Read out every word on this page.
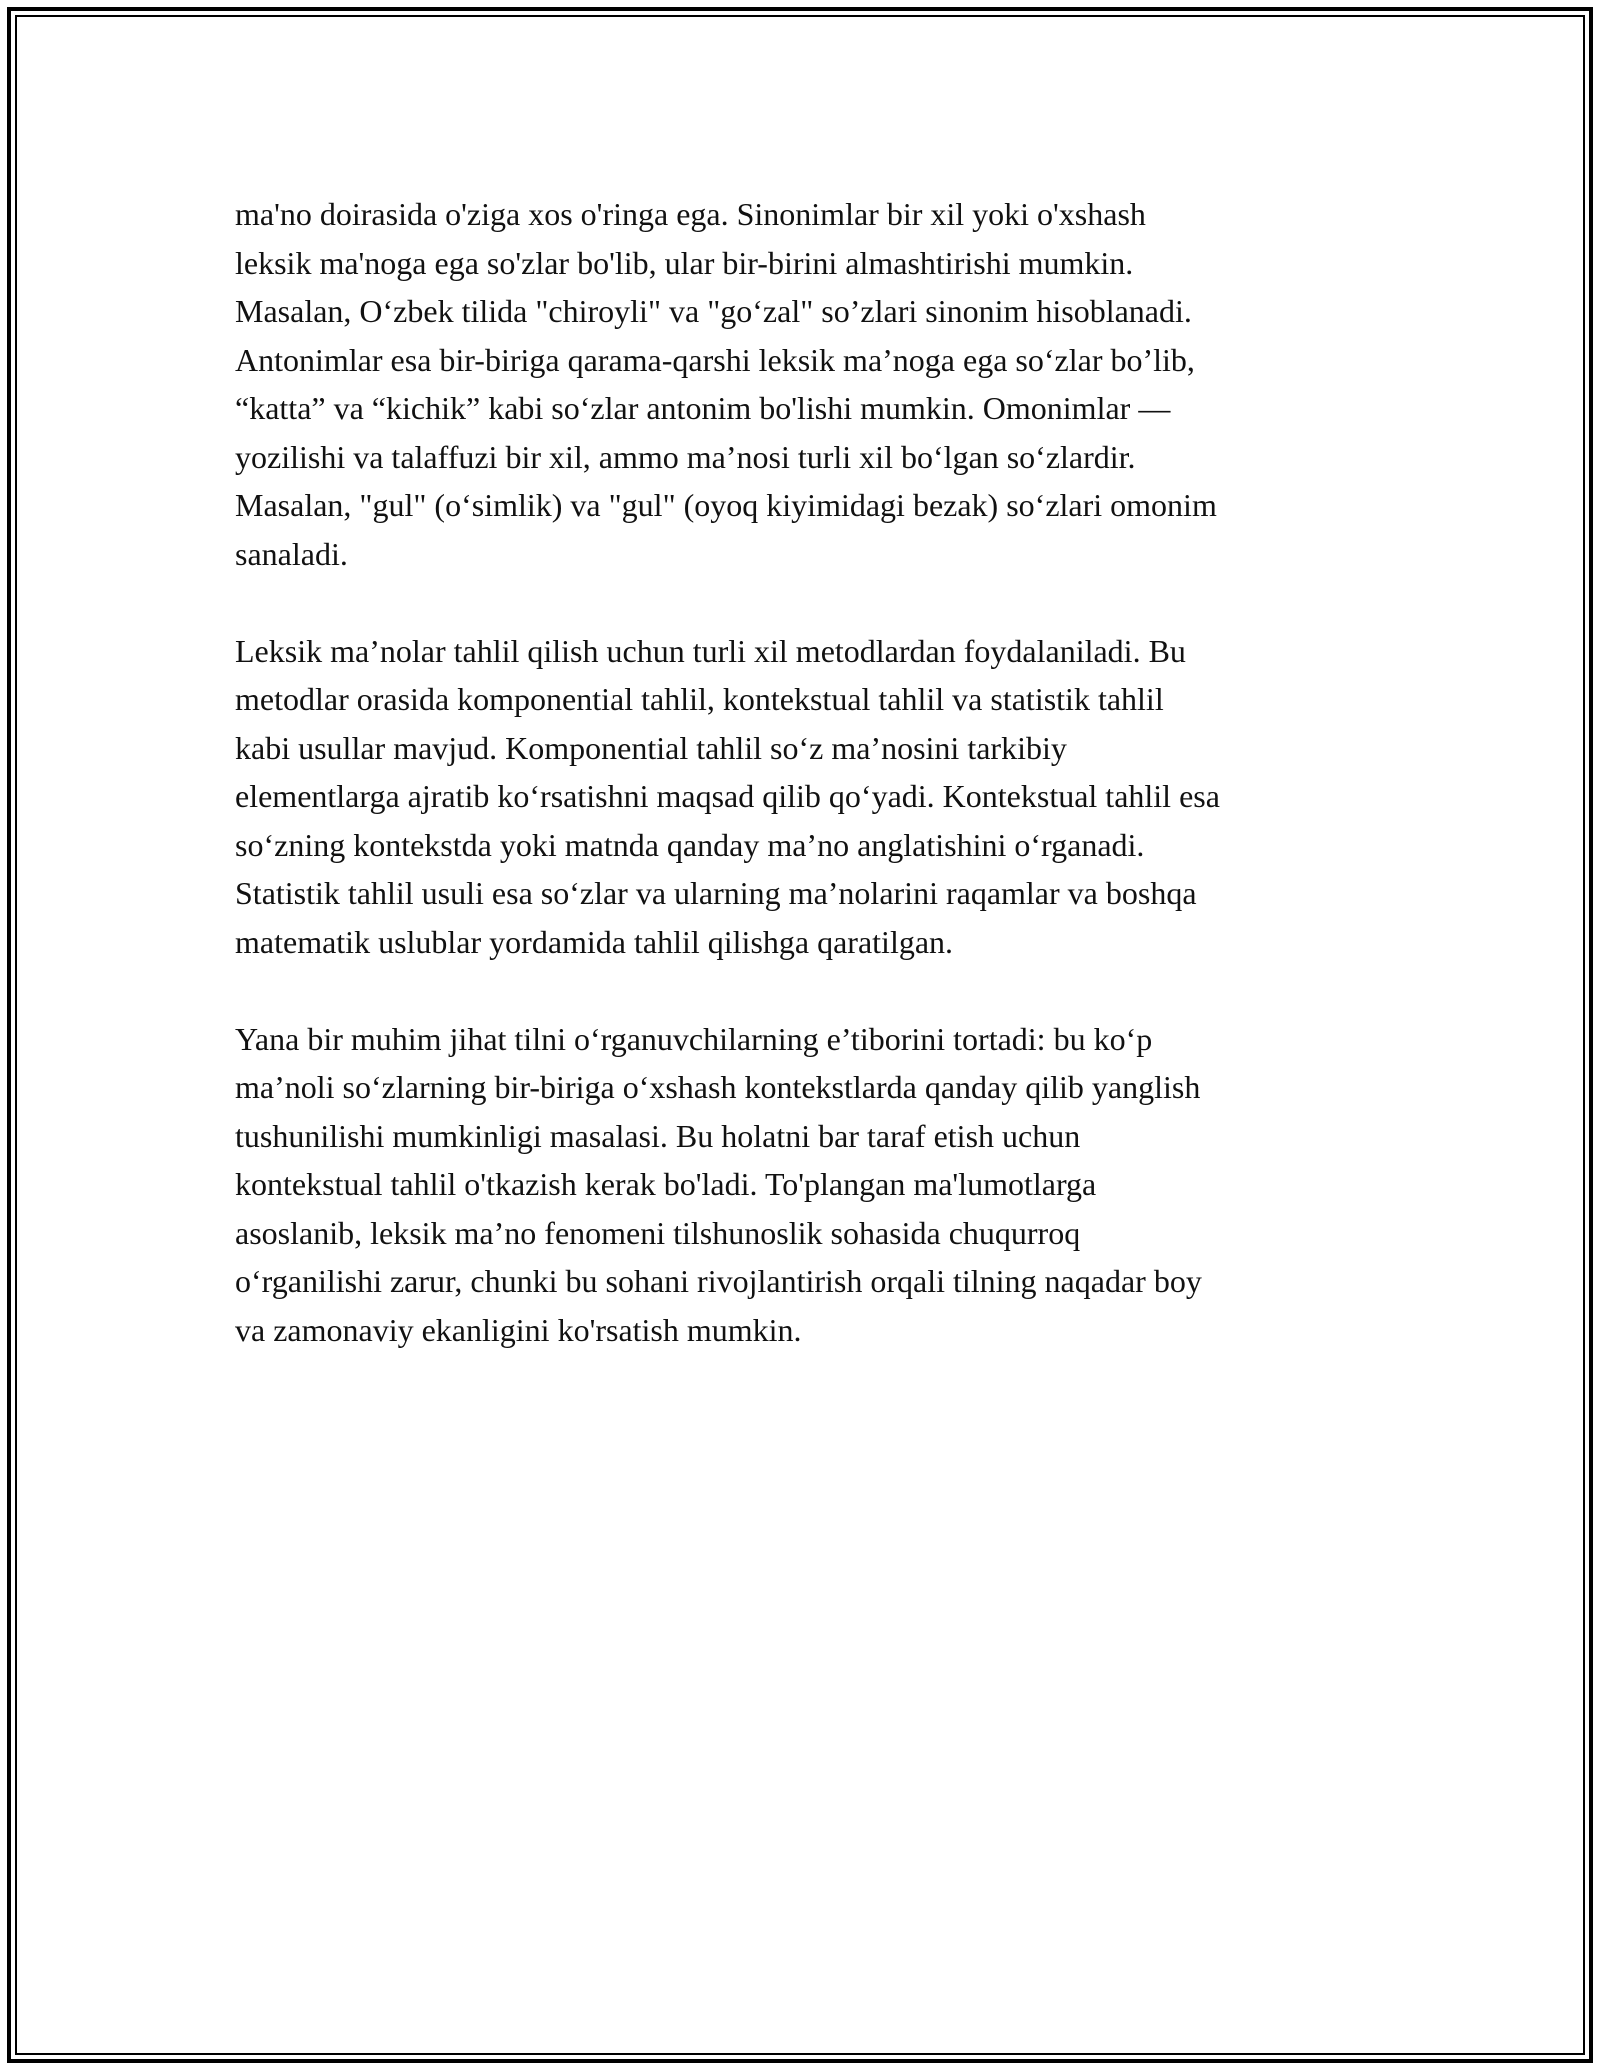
ma'no doirasida o'ziga xos o'ringa ega. Sinonimlar bir xil yoki o'xshash
leksik ma'noga ega so'zlar bo'lib, ular bir-birini almashtirishi mumkin.
Masalan, O‘zbek tilida "chiroyli" va "go‘zal" so’zlari sinonim hisoblanadi.
Antonimlar esa bir-biriga qarama-qarshi leksik ma’noga ega so‘zlar bo’lib,
“katta” va “kichik” kabi so‘zlar antonim bo'lishi mumkin. Omonimlar —
yozilishi va talaffuzi bir xil, ammo ma’nosi turli xil bo‘lgan so‘zlardir.
Masalan, "gul" (o‘simlik) va "gul" (oyoq kiyimidagi bezak) so‘zlari omonim
sanaladi.

Leksik ma’nolar tahlil qilish uchun turli xil metodlardan foydalaniladi. Bu
metodlar orasida komponential tahlil, kontekstual tahlil va statistik tahlil
kabi usullar mavjud. Komponential tahlil so‘z ma’nosini tarkibiy
elementlarga ajratib ko‘rsatishni maqsad qilib qo‘yadi. Kontekstual tahlil esa
so‘zning kontekstda yoki matnda qanday ma’no anglatishini o‘rganadi.
Statistik tahlil usuli esa so‘zlar va ularning ma’nolarini raqamlar va boshqa
matematik uslublar yordamida tahlil qilishga qaratilgan.

Yana bir muhim jihat tilni o‘rganuvchilarning e’tiborini tortadi: bu ko‘p
ma’noli so‘zlarning bir-biriga o‘xshash kontekstlarda qanday qilib yanglish
tushunilishi mumkinligi masalasi. Bu holatni bar taraf etish uchun
kontekstual tahlil o'tkazish kerak bo'ladi. To'plangan ma'lumotlarga
asoslanib, leksik ma’no fenomeni tilshunoslik sohasida chuqurroq
o‘rganilishi zarur, chunki bu sohani rivojlantirish orqali tilning naqadar boy
va zamonaviy ekanligini ko'rsatish mumkin.
